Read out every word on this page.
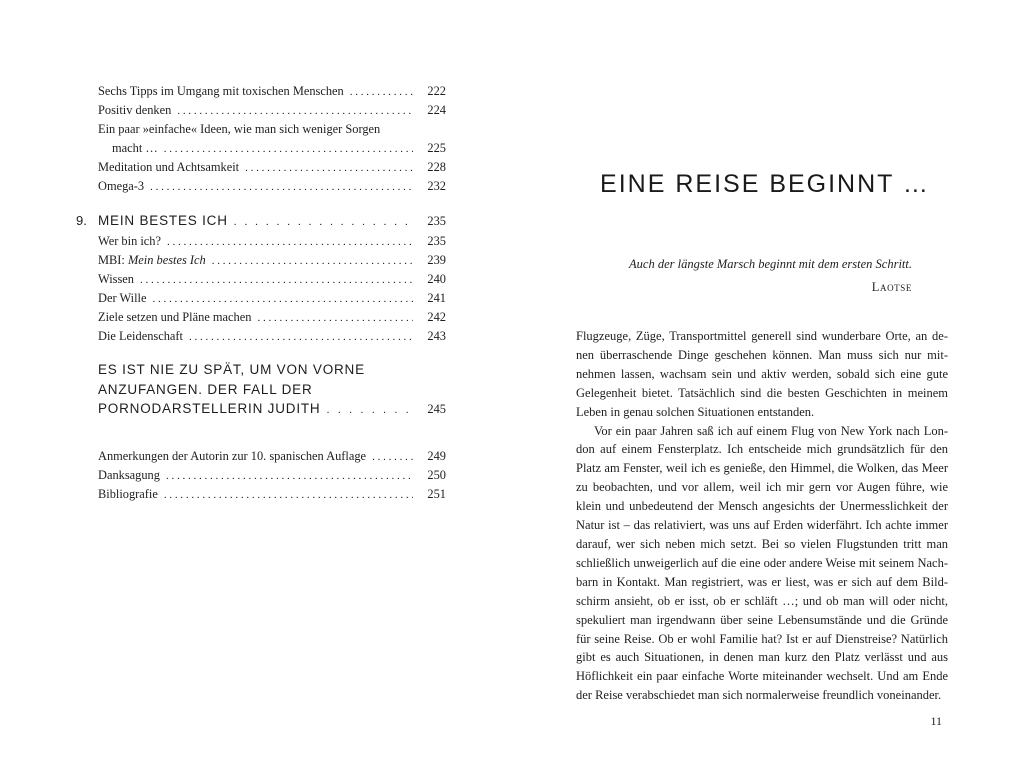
Sechs Tipps im Umgang mit toxischen Menschen . . .	222
Positiv denken . . .	224
Ein paar »einfache« Ideen, wie man sich weniger Sorgen
macht … . . .	225
Meditation und Achtsamkeit . . .	228
Omega-3 . . .	232
9. MEIN BESTES ICH . . .	235
Wer bin ich? . . .	235
MBI: Mein bestes Ich . . .	239
Wissen . . .	240
Der Wille . . .	241
Ziele setzen und Pläne machen . . .	242
Die Leidenschaft . . .	243
ES IST NIE ZU SPÄT, UM VON VORNE
ANZUFANGEN. DER FALL DER
PORNODARSTELLERIN JUDITH . . .	245
Anmerkungen der Autorin zur 10. spanischen Auflage . . .	249
Danksagung . . .	250
Bibliografie . . .	251
EINE REISE BEGINNT …
Auch der längste Marsch beginnt mit dem ersten Schritt.
Laotse

Flugzeuge, Züge, Transportmittel generell sind wunderbare Orte, an denen überraschende Dinge geschehen können. Man muss sich nur mitnehmen lassen, wachsam sein und aktiv werden, sobald sich eine gute Gelegenheit bietet. Tatsächlich sind die besten Geschichten in meinem Leben in genau solchen Situationen entstanden.

Vor ein paar Jahren saß ich auf einem Flug von New York nach London auf einem Fensterplatz. Ich entscheide mich grundsätzlich für den Platz am Fenster, weil ich es genieße, den Himmel, die Wolken, das Meer zu beobachten, und vor allem, weil ich mir gern vor Augen führe, wie klein und unbedeutend der Mensch angesichts der Unermesslichkeit der Natur ist – das relativiert, was uns auf Erden widerfährt. Ich achte immer darauf, wer sich neben mich setzt. Bei so vielen Flugstunden tritt man schließlich unweigerlich auf die eine oder andere Weise mit seinem Nachbarn in Kontakt. Man registriert, was er liest, was er sich auf dem Bildschirm ansieht, ob er isst, ob er schläft …; und ob man will oder nicht, spekuliert man irgendwann über seine Lebensumstände und die Gründe für seine Reise. Ob er wohl Familie hat? Ist er auf Dienstreise? Natürlich gibt es auch Situationen, in denen man kurz den Platz verlässt und aus Höflichkeit ein paar einfache Worte miteinander wechselt. Und am Ende der Reise verabschiedet man sich normalerweise freundlich voneinander.

11
